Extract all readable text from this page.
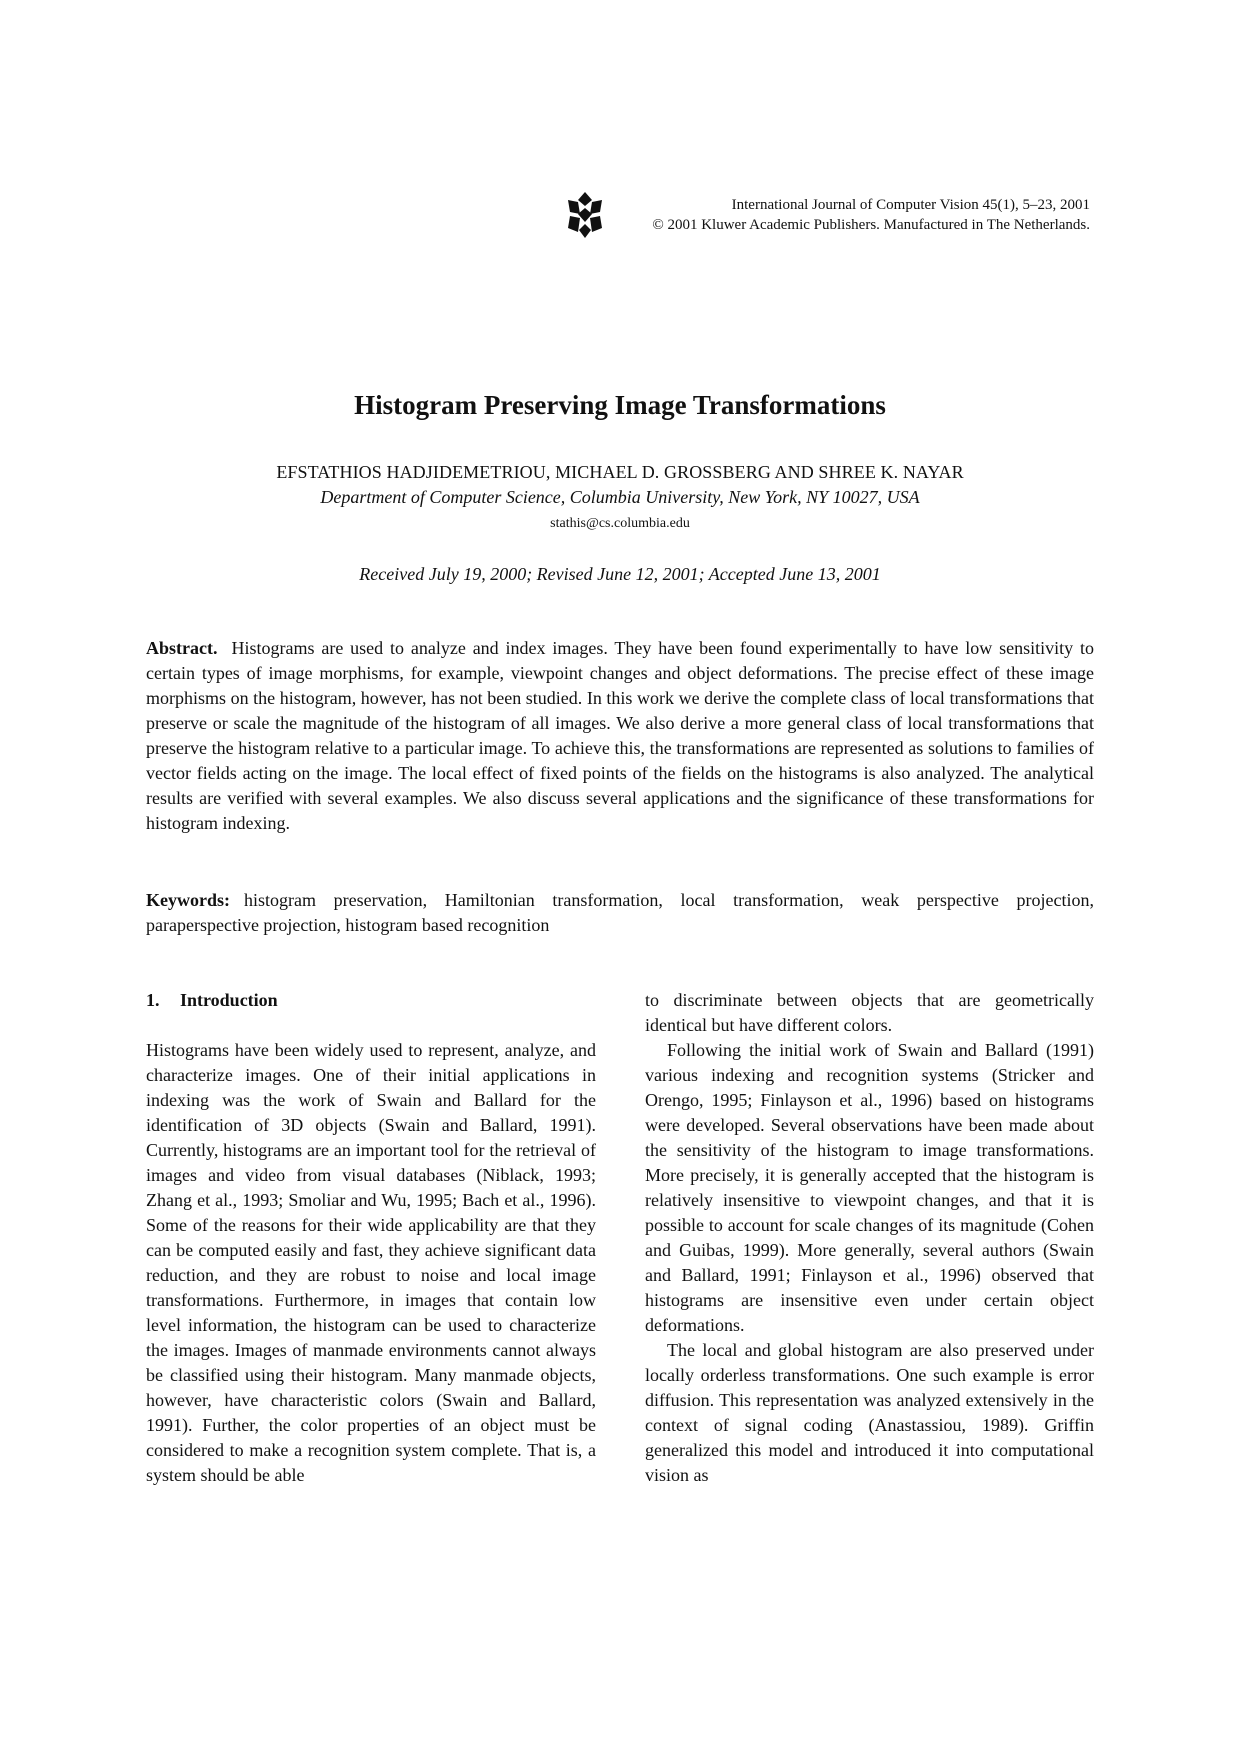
International Journal of Computer Vision 45(1), 5–23, 2001
© 2001 Kluwer Academic Publishers. Manufactured in The Netherlands.
Histogram Preserving Image Transformations
EFSTATHIOS HADJIDEMETRIOU, MICHAEL D. GROSSBERG AND SHREE K. NAYAR
Department of Computer Science, Columbia University, New York, NY 10027, USA
stathis@cs.columbia.edu
Received July 19, 2000; Revised June 12, 2001; Accepted June 13, 2001

Abstract. Histograms are used to analyze and index images. They have been found experimentally to have low sensitivity to certain types of image morphisms, for example, viewpoint changes and object deformations. The precise effect of these image morphisms on the histogram, however, has not been studied. In this work we derive the complete class of local transformations that preserve or scale the magnitude of the histogram of all images. We also derive a more general class of local transformations that preserve the histogram relative to a particular image. To achieve this, the transformations are represented as solutions to families of vector fields acting on the image. The local effect of fixed points of the fields on the histograms is also analyzed. The analytical results are verified with several examples. We also discuss several applications and the significance of these transformations for histogram indexing.

Keywords: histogram preservation, Hamiltonian transformation, local transformation, weak perspective projection, paraperspective projection, histogram based recognition

1. Introduction

Histograms have been widely used to represent, analyze, and characterize images. One of their initial applications in indexing was the work of Swain and Ballard for the identification of 3D objects (Swain and Ballard, 1991). Currently, histograms are an important tool for the retrieval of images and video from visual databases (Niblack, 1993; Zhang et al., 1993; Smoliar and Wu, 1995; Bach et al., 1996). Some of the reasons for their wide applicability are that they can be computed easily and fast, they achieve significant data reduction, and they are robust to noise and local image transformations. Furthermore, in images that contain low level information, the histogram can be used to characterize the images. Images of manmade environments cannot always be classified using their histogram. Many manmade objects, however, have characteristic colors (Swain and Ballard, 1991). Further, the color properties of an object must be considered to make a recognition system complete. That is, a system should be able

to discriminate between objects that are geometrically identical but have different colors.

Following the initial work of Swain and Ballard (1991) various indexing and recognition systems (Stricker and Orengo, 1995; Finlayson et al., 1996) based on histograms were developed. Several observations have been made about the sensitivity of the histogram to image transformations. More precisely, it is generally accepted that the histogram is relatively insensitive to viewpoint changes, and that it is possible to account for scale changes of its magnitude (Cohen and Guibas, 1999). More generally, several authors (Swain and Ballard, 1991; Finlayson et al., 1996) observed that histograms are insensitive even under certain object deformations.

The local and global histogram are also preserved under locally orderless transformations. One such example is error diffusion. This representation was analyzed extensively in the context of signal coding (Anastassiou, 1989). Griffin generalized this model and introduced it into computational vision as
